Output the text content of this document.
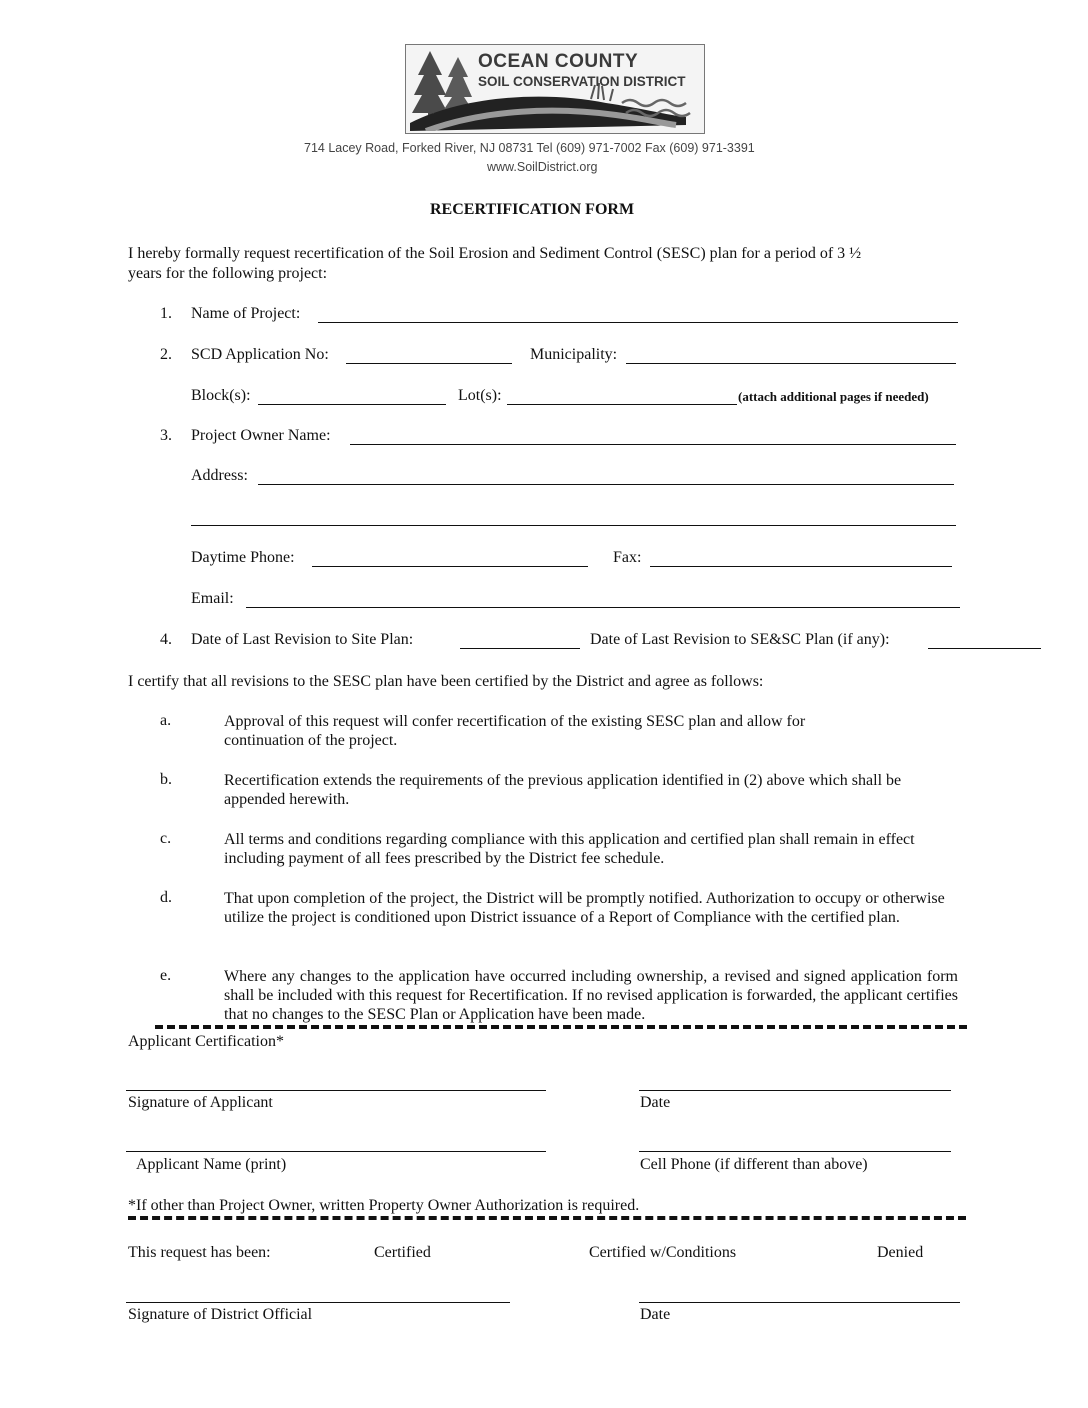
OCEAN COUNTY
SOIL CONSERVATION DISTRICT
714 Lacey Road, Forked River, NJ 08731 Tel (609) 971-7002 Fax (609) 971-3391
www.SoilDistrict.org
RECERTIFICATION FORM
I hereby formally request recertification of the Soil Erosion and Sediment Control (SESC) plan for a period of 3 ½
years for the following project:
1. Name of Project:
2. SCD Application No:	Municipality:
Block(s):	Lot(s):	(attach additional pages if needed)
3. Project Owner Name:
Address:
Daytime Phone:	Fax:
Email:
4. Date of Last Revision to Site Plan:	Date of Last Revision to SE&SC Plan (if any):
I certify that all revisions to the SESC plan have been certified by the District and agree as follows:
a.	Approval of this request will confer recertification of the existing SESC plan and allow for continuation of the project.
b.	Recertification extends the requirements of the previous application identified in (2) above which shall be appended herewith.
c.	All terms and conditions regarding compliance with this application and certified plan shall remain in effect including payment of all fees prescribed by the District fee schedule.
d.	That upon completion of the project, the District will be promptly notified. Authorization to occupy or otherwise utilize the project is conditioned upon District issuance of a Report of Compliance with the certified plan.
e.	Where any changes to the application have occurred including ownership, a revised and signed application form shall be included with this request for Recertification. If no revised application is forwarded, the applicant certifies that no changes to the SESC Plan or Application have been made.
Applicant Certification*
Signature of Applicant	Date
Applicant Name (print)	Cell Phone (if different than above)
*If other than Project Owner, written Property Owner Authorization is required.
This request has been:	Certified	Certified w/Conditions	Denied
Signature of District Official	Date
